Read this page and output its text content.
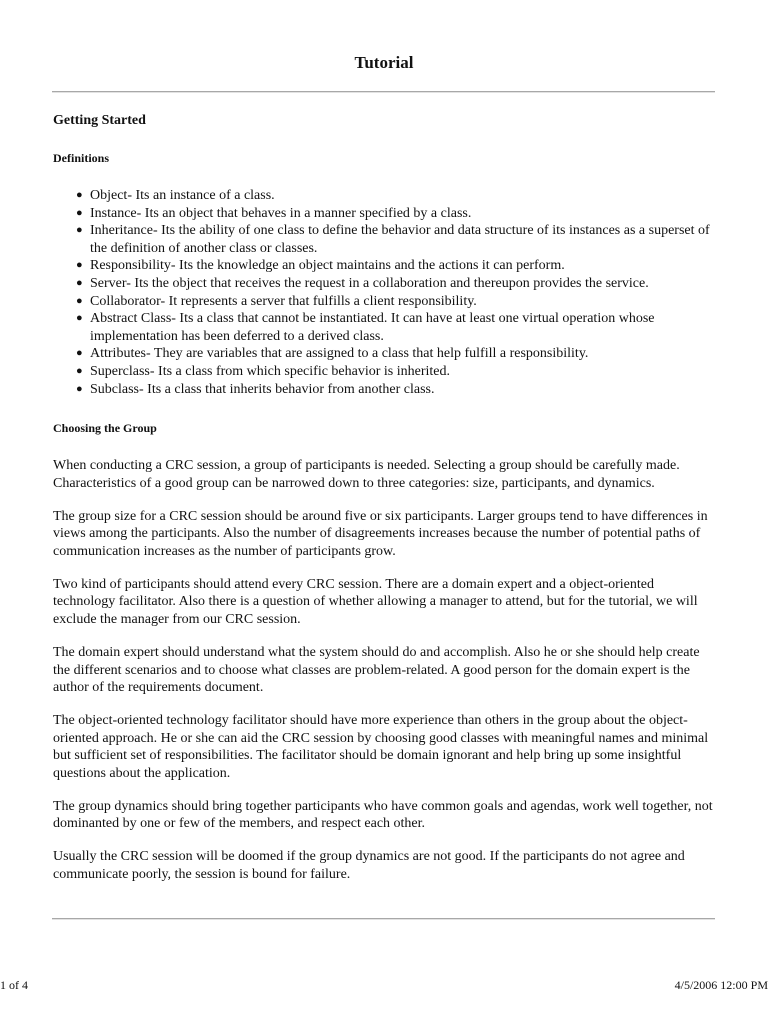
Tutorial
Getting Started
Definitions
● Object- Its an instance of a class.
● Instance- Its an object that behaves in a manner specified by a class.
● Inheritance- Its the ability of one class to define the behavior and data structure of its instances as a superset of the definition of another class or classes.
● Responsibility- Its the knowledge an object maintains and the actions it can perform.
● Server- Its the object that receives the request in a collaboration and thereupon provides the service.
● Collaborator- It represents a server that fulfills a client responsibility.
● Abstract Class- Its a class that cannot be instantiated. It can have at least one virtual operation whose implementation has been deferred to a derived class.
● Attributes- They are variables that are assigned to a class that help fulfill a responsibility.
● Superclass- Its a class from which specific behavior is inherited.
● Subclass- Its a class that inherits behavior from another class.
Choosing the Group

When conducting a CRC session, a group of participants is needed. Selecting a group should be carefully made. Characteristics of a good group can be narrowed down to three categories: size, participants, and dynamics.

The group size for a CRC session should be around five or six participants. Larger groups tend to have differences in views among the participants. Also the number of disagreements increases because the number of potential paths of communication increases as the number of participants grow.

Two kind of participants should attend every CRC session. There are a domain expert and a object-oriented technology facilitator. Also there is a question of whether allowing a manager to attend, but for the tutorial, we will exclude the manager from our CRC session.

The domain expert should understand what the system should do and accomplish. Also he or she should help create the different scenarios and to choose what classes are problem-related. A good person for the domain expert is the author of the requirements document.

The object-oriented technology facilitator should have more experience than others in the group about the object-oriented approach. He or she can aid the CRC session by choosing good classes with meaningful names and minimal but sufficient set of responsibilities. The facilitator should be domain ignorant and help bring up some insightful questions about the application.

The group dynamics should bring together participants who have common goals and agendas, work well together, not dominanted by one or few of the members, and respect each other.

Usually the CRC session will be doomed if the group dynamics are not good. If the participants do not agree and communicate poorly, the session is bound for failure.

1 of 4	4/5/2006 12:00 PM
